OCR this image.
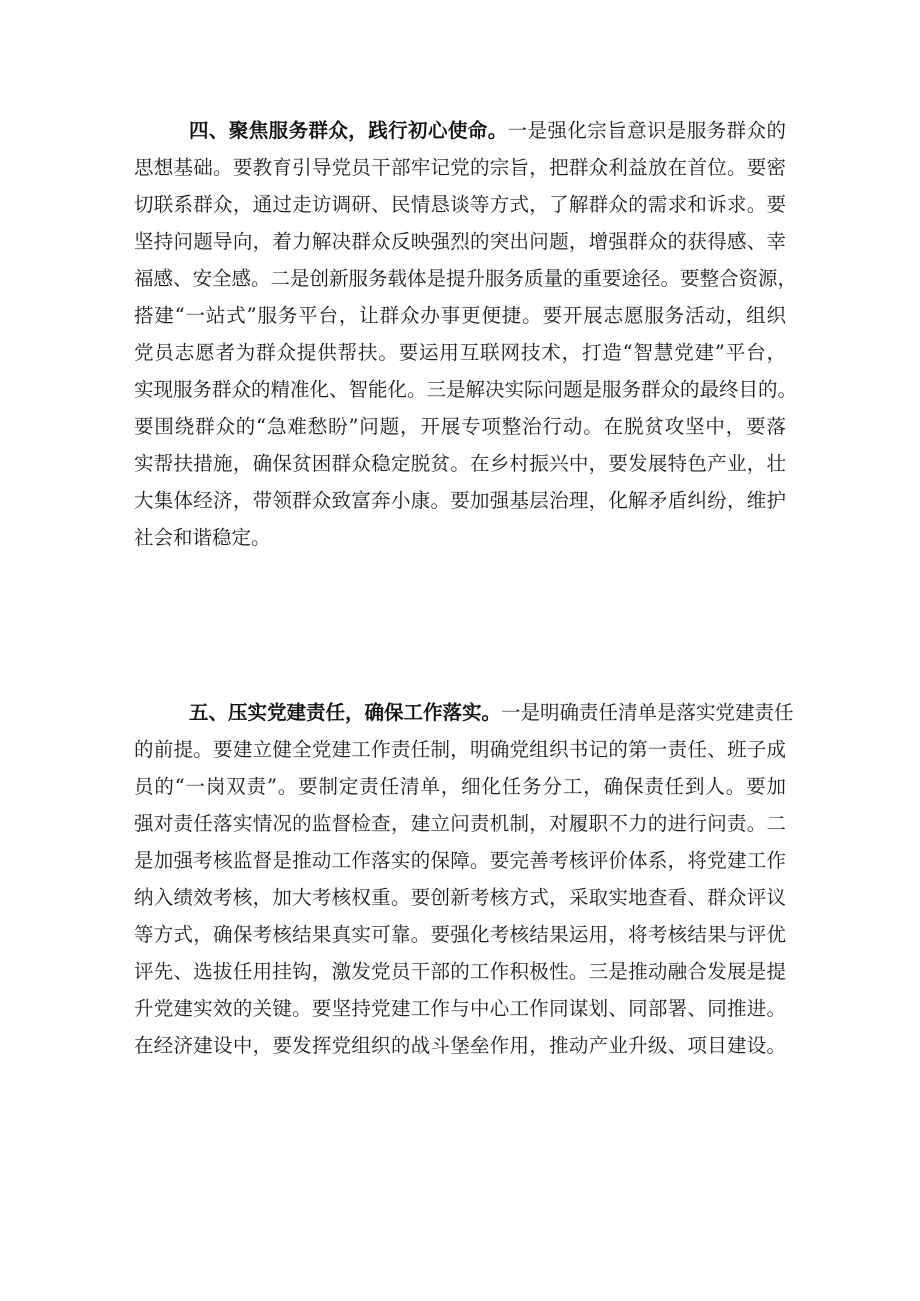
四、聚焦服务群众，践行初心使命。一是强化宗旨意识是服务群众的
思想基础。要教育引导党员干部牢记党的宗旨，把群众利益放在首位。要密
切联系群众，通过走访调研、民情恳谈等方式，了解群众的需求和诉求。要
坚持问题导向，着力解决群众反映强烈的突出问题，增强群众的获得感、幸
福感、安全感。二是创新服务载体是提升服务质量的重要途径。要整合资源，
搭建“一站式”服务平台，让群众办事更便捷。要开展志愿服务活动，组织
党员志愿者为群众提供帮扶。要运用互联网技术，打造“智慧党建”平台，
实现服务群众的精准化、智能化。三是解决实际问题是服务群众的最终目的。
要围绕群众的“急难愁盼”问题，开展专项整治行动。在脱贫攻坚中，要落
实帮扶措施，确保贫困群众稳定脱贫。在乡村振兴中，要发展特色产业，壮
大集体经济，带领群众致富奔小康。要加强基层治理，化解矛盾纠纷，维护
社会和谐稳定。
五、压实党建责任，确保工作落实。一是明确责任清单是落实党建责任
的前提。要建立健全党建工作责任制，明确党组织书记的第一责任、班子成
员的“一岗双责”。要制定责任清单，细化任务分工，确保责任到人。要加
强对责任落实情况的监督检查，建立问责机制，对履职不力的进行问责。二
是加强考核监督是推动工作落实的保障。要完善考核评价体系，将党建工作
纳入绩效考核，加大考核权重。要创新考核方式，采取实地查看、群众评议
等方式，确保考核结果真实可靠。要强化考核结果运用，将考核结果与评优
评先、选拔任用挂钩，激发党员干部的工作积极性。三是推动融合发展是提
升党建实效的关键。要坚持党建工作与中心工作同谋划、同部署、同推进。
在经济建设中，要发挥党组织的战斗堡垒作用，推动产业升级、项目建设。
